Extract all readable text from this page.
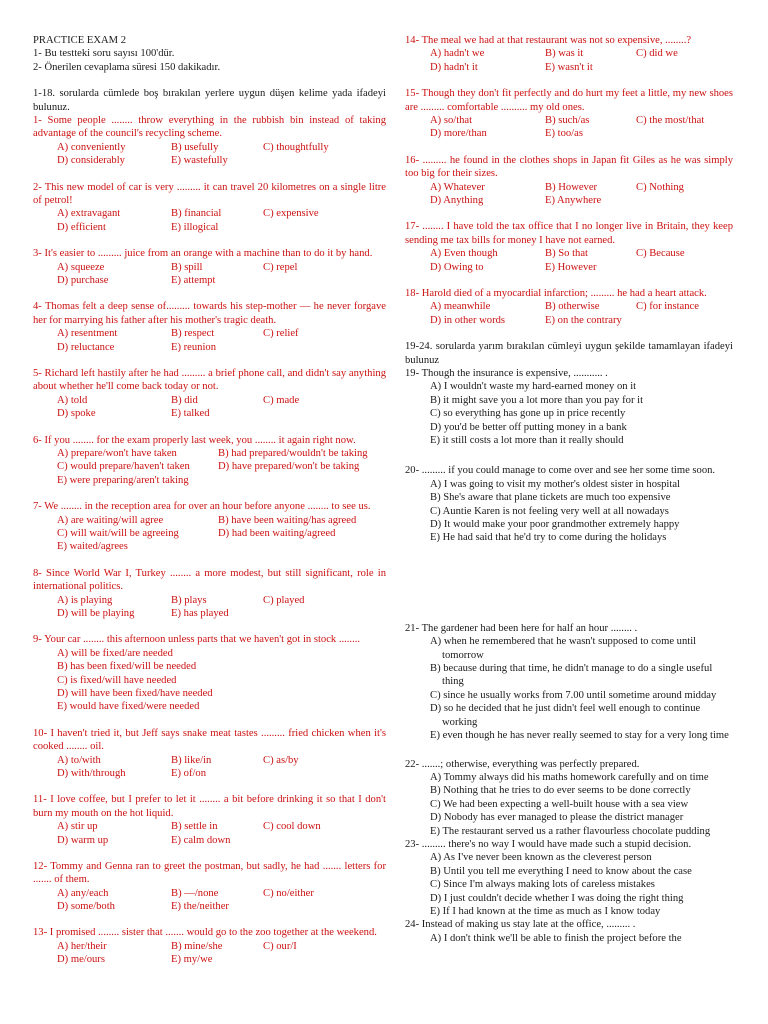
PRACTICE EXAM 2
1- Bu testteki soru sayısı 100'dür.
2- Önerilen cevaplama süresi 150 dakikadır.
1-18. sorularda cümlede boş bırakılan yerlere uygun düşen kelime yada ifadeyi bulunuz.
1- Some people ........ throw everything in the rubbish bin instead of taking advantage of the council's recycling scheme.
A) conveniently	B) usefully	C) thoughtfully
D) considerably	E) wastefully
2- This new model of car is very ......... it can travel 20 kilometres on a single litre of petrol!
A) extravagant	B) financial	C) expensive
D) efficient	E) illogical
3- It's easier to ......... juice from an orange with a machine than to do it by hand.
A) squeeze	B) spill	C) repel
D) purchase	E) attempt
4- Thomas felt a deep sense of......... towards his step-mother — he never forgave her for marrying his father after his mother's tragic death.
A) resentment	B) respect	C) relief
D) reluctance	E) reunion
5- Richard left hastily after he had ......... a brief phone call, and didn't say anything about whether he'll come back today or not.
A) told	B) did	C) made
D) spoke	E) talked
6- If you ........ for the exam properly last week, you ........ it again right now.
A) prepare/won't have taken	B) had prepared/wouldn't be taking
C) would prepare/haven't taken	D) have prepared/won't be taking
E) were preparing/aren't taking
7- We ........ in the reception area for over an hour before anyone ........ to see us.
A) are waiting/will agree	B) have been waiting/has agreed
C) will wait/will be agreeing	D) had been waiting/agreed
E) waited/agrees
8- Since World War I, Turkey ........ a more modest, but still significant, role in international politics.
A) is playing	B) plays	C) played
D) will be playing	E) has played
9- Your car ........ this afternoon unless parts that we haven't got in stock ........
A) will be fixed/are needed
B) has been fixed/will be needed
C) is fixed/will have needed
D) will have been fixed/have needed
E) would have fixed/were needed
10- I haven't tried it, but Jeff says snake meat tastes ......... fried chicken when it's cooked ........ oil.
A) to/with	B) like/in	C) as/by
D) with/through	E) of/on
11- I love coffee, but I prefer to let it ........ a bit before drinking it so that I don't burn my mouth on the hot liquid.
A) stir up	B) settle in	C) cool down
D) warm up	E) calm down
12- Tommy and Genna ran to greet the postman, but sadly, he had ....... letters for ....... of them.
A) any/each	B) —/none	C) no/either
D) some/both	E) the/neither
13- I promised ........ sister that ....... would go to the zoo together at the weekend.
A) her/their	B) mine/she	C) our/I
D) me/ours	E) my/we
14- The meal we had at that restaurant was not so expensive, ........?
A) hadn't we	B) was it	C) did we
D) hadn't it	E) wasn't it
15- Though they don't fit perfectly and do hurt my feet a little, my new shoes are ......... comfortable .......... my old ones.
A) so/that	B) such/as	C) the most/that
D) more/than	E) too/as
16- ......... he found in the clothes shops in Japan fit Giles as he was simply too big for their sizes.
A) Whatever	B) However	C) Nothing
D) Anything	E) Anywhere
17- ........ I have told the tax office that I no longer live in Britain, they keep sending me tax bills for money I have not earned.
A) Even though	B) So that	C) Because
D) Owing to	E) However
18- Harold died of a myocardial infarction; ......... he had a heart attack.
A) meanwhile	B) otherwise	C) for instance
D) in other words	E) on the contrary
19-24. sorularda yarım bırakılan cümleyi uygun şekilde tamamlayan ifadeyi bulunuz
19- Though the insurance is expensive, ........... .
A) I wouldn't waste my hard-earned money on it
B) it might save you a lot more than you pay for it
C) so everything has gone up in price recently
D) you'd be better off putting money in a bank
E) it still costs a lot more than it really should
20- ......... if you could manage to come over and see her some time soon.
A) I was going to visit my mother's oldest sister in hospital
B) She's aware that plane tickets are much too expensive
C) Auntie Karen is not feeling very well at all nowadays
D) It would make your poor grandmother extremely happy
E) He had said that he'd try to come during the holidays
21- The gardener had been here for half an hour ........ .
A) when he remembered that he wasn't supposed to come until tomorrow
B) because during that time, he didn't manage to do a single useful thing
C) since he usually works from 7.00 until sometime around midday
D) so he decided that he just didn't feel well enough to continue working
E) even though he has never really seemed to stay for a very long time
22- .......; otherwise, everything was perfectly prepared.
A) Tommy always did his maths homework carefully and on time
B) Nothing that he tries to do ever seems to be done correctly
C) We had been expecting a well-built house with a sea view
D) Nobody has ever managed to please the district manager
E) The restaurant served us a rather flavourless chocolate pudding
23- ......... there's no way I would have made such a stupid decision.
A) As I've never been known as the cleverest person
B) Until you tell me everything I need to know about the case
C) Since I'm always making lots of careless mistakes
D) I just couldn't decide whether I was doing the right thing
E) If I had known at the time as much as I know today
24- Instead of making us stay late at the office, ......... .
A) I don't think we'll be able to finish the project before the
